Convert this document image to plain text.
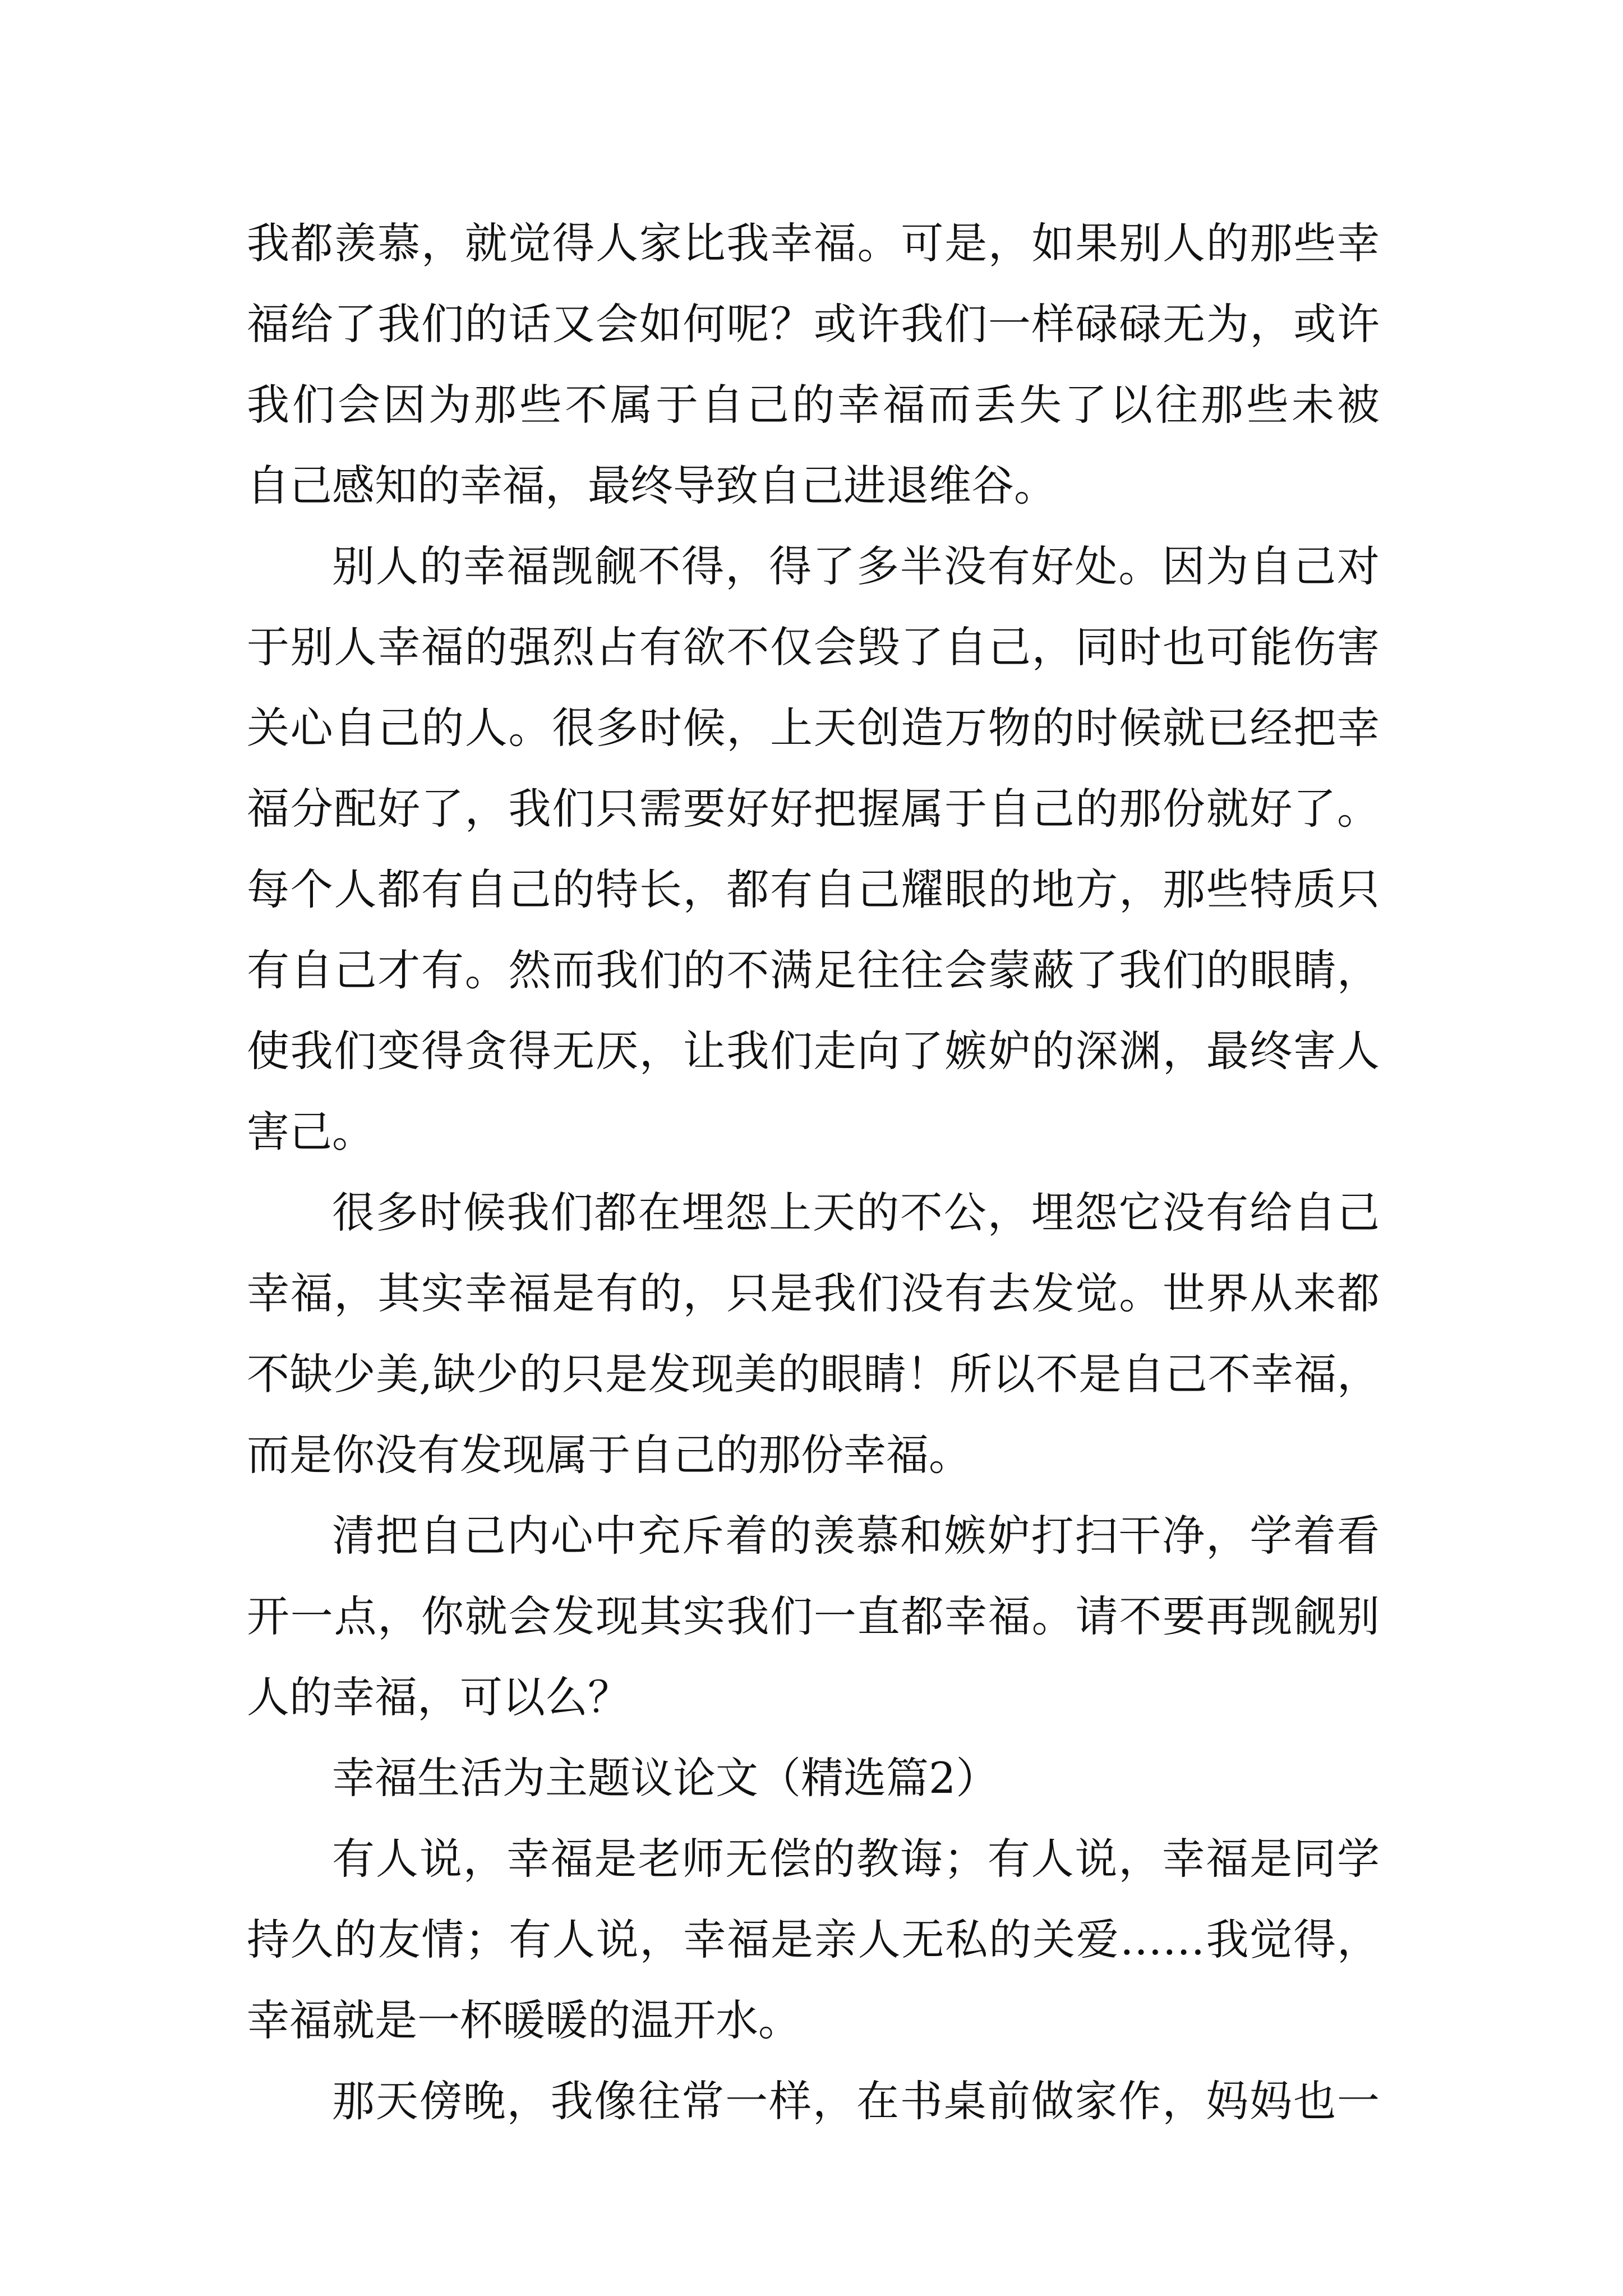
我都羡慕，就觉得人家比我幸福。可是，如果别人的那些幸
福给了我们的话又会如何呢？或许我们一样碌碌无为，或许
我们会因为那些不属于自己的幸福而丢失了以往那些未被
自己感知的幸福，最终导致自己进退维谷。
别人的幸福觊觎不得，得了多半没有好处。因为自己对
于别人幸福的强烈占有欲不仅会毁了自己，同时也可能伤害
关心自己的人。很多时候，上天创造万物的时候就已经把幸
福分配好了，我们只需要好好把握属于自己的那份就好了。
每个人都有自己的特长，都有自己耀眼的地方，那些特质只
有自己才有。然而我们的不满足往往会蒙蔽了我们的眼睛，
使我们变得贪得无厌，让我们走向了嫉妒的深渊，最终害人
害己。
很多时候我们都在埋怨上天的不公，埋怨它没有给自己
幸福，其实幸福是有的，只是我们没有去发觉。世界从来都
不缺少美,缺少的只是发现美的眼睛！所以不是自己不幸福，
而是你没有发现属于自己的那份幸福。
清把自己内心中充斥着的羡慕和嫉妒打扫干净，学着看
开一点，你就会发现其实我们一直都幸福。请不要再觊觎别
人的幸福，可以么？
幸福生活为主题议论文（精选篇2）
有人说，幸福是老师无偿的教诲；有人说，幸福是同学
持久的友情；有人说，幸福是亲人无私的关爱……我觉得，
幸福就是一杯暖暖的温开水。
那天傍晚，我像往常一样，在书桌前做家作，妈妈也一
